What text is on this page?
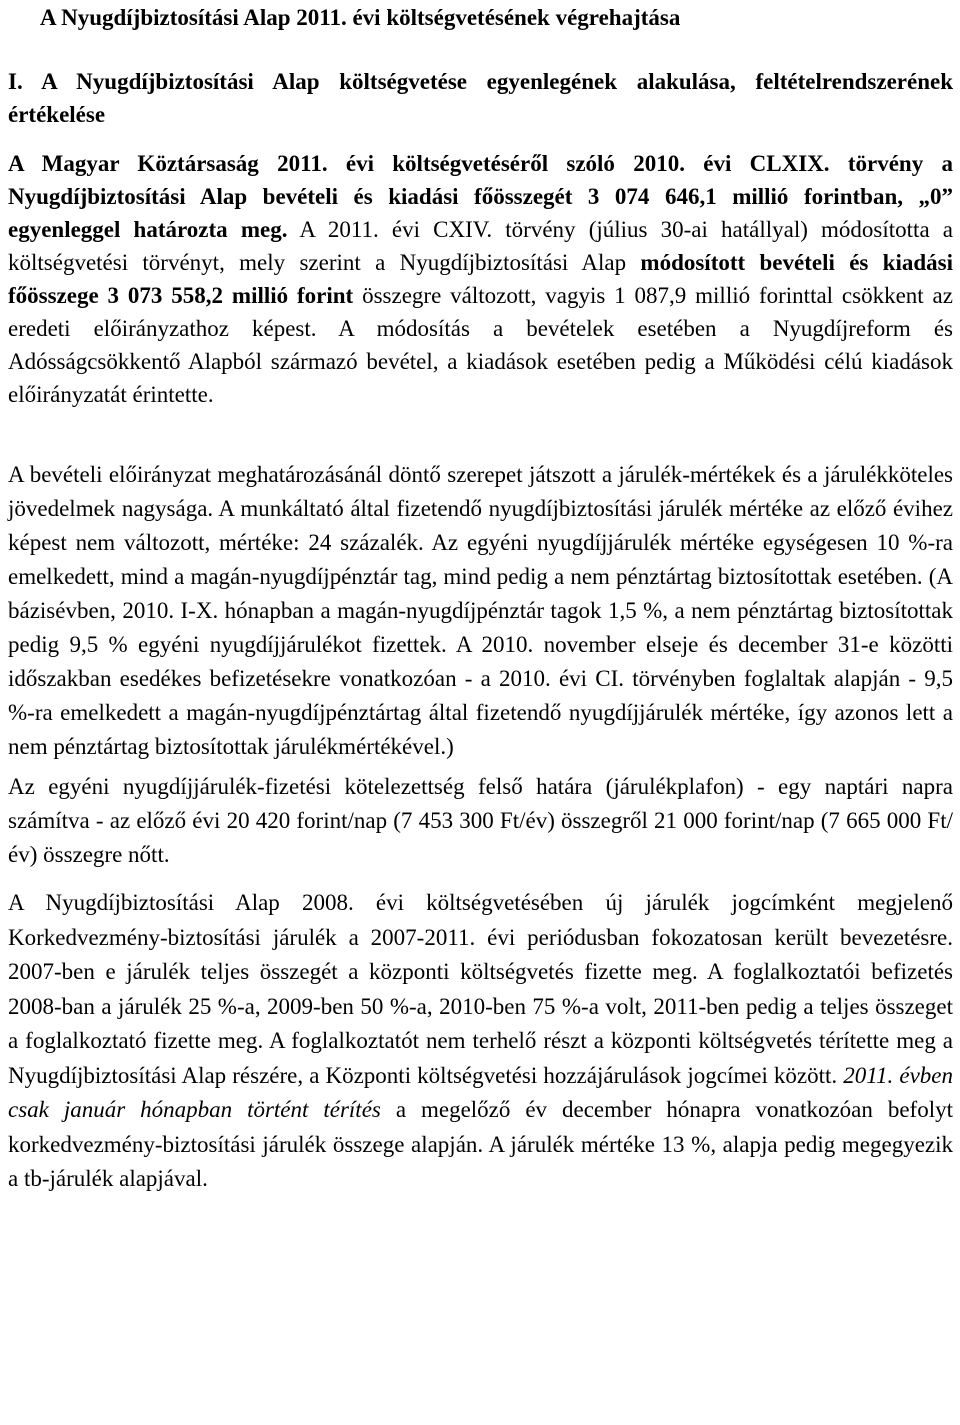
A Nyugdíjbiztosítási Alap 2011. évi költségvetésének végrehajtása
I. A Nyugdíjbiztosítási Alap költségvetése egyenlegének alakulása, feltételrendszerének értékelése

A Magyar Köztársaság 2011. évi költségvetéséről szóló 2010. évi CLXIX. törvény a Nyugdíjbiztosítási Alap bevételi és kiadási főösszegét 3 074 646,1 millió forintban, „0” egyenleggel határozta meg. A 2011. évi CXIV. törvény (július 30-ai hatállyal) módosította a költségvetési törvényt, mely szerint a Nyugdíjbiztosítási Alap módosított bevételi és kiadási főösszege 3 073 558,2 millió forint összegre változott, vagyis 1 087,9 millió forinttal csökkent az eredeti előirányzathoz képest. A módosítás a bevételek esetében a Nyugdíjreform és Adósságcsökkentő Alapból származó bevétel, a kiadások esetében pedig a Működési célú kiadások előirányzatát érintette.

A bevételi előirányzat meghatározásánál döntő szerepet játszott a járulék-mértékek és a járulékköteles jövedelmek nagysága. A munkáltató által fizetendő nyugdíjbiztosítási járulék mértéke az előző évihez képest nem változott, mértéke: 24 százalék. Az egyéni nyugdíjjárulék mértéke egységesen 10 %-ra emelkedett, mind a magán-nyugdíjpénztár tag, mind pedig a nem pénztártag biztosítottak esetében. (A bázisévben, 2010. I-X. hónapban a magán-nyugdíjpénztár tagok 1,5 %, a nem pénztártag biztosítottak pedig 9,5 % egyéni nyugdíjjárulékot fizettek. A 2010. november elseje és december 31-e közötti időszakban esedékes befizetésekre vonatkozóan - a 2010. évi CI. törvényben foglaltak alapján - 9,5 %-ra emelkedett a magán-nyugdíjpénztártag által fizetendő nyugdíjjárulék mértéke, így azonos lett a nem pénztártag biztosítottak járulékmértékével.)

Az egyéni nyugdíjjárulék-fizetési kötelezettség felső határa (járulékplafon) - egy naptári napra számítva - az előző évi 20 420 forint/nap (7 453 300 Ft/év) összegről 21 000 forint/nap (7 665 000 Ft/év) összegre nőtt.

A Nyugdíjbiztosítási Alap 2008. évi költségvetésében új járulék jogcímként megjelenő Korkedvezmény-biztosítási járulék a 2007-2011. évi periódusban fokozatosan került bevezetésre. 2007-ben e járulék teljes összegét a központi költségvetés fizette meg. A foglalkoztatói befizetés 2008-ban a járulék 25 %-a, 2009-ben 50 %-a, 2010-ben 75 %-a volt, 2011-ben pedig a teljes összeget a foglalkoztató fizette meg. A foglalkoztatót nem terhelő részt a központi költségvetés térítette meg a Nyugdíjbiztosítási Alap részére, a Központi költségvetési hozzájárulások jogcímei között. 2011. évben csak január hónapban történt térítés a megelőző év december hónapra vonatkozóan befolyt korkedvezmény-biztosítási járulék összege alapján. A járulék mértéke 13 %, alapja pedig megegyezik a tb-járulék alapjával.
